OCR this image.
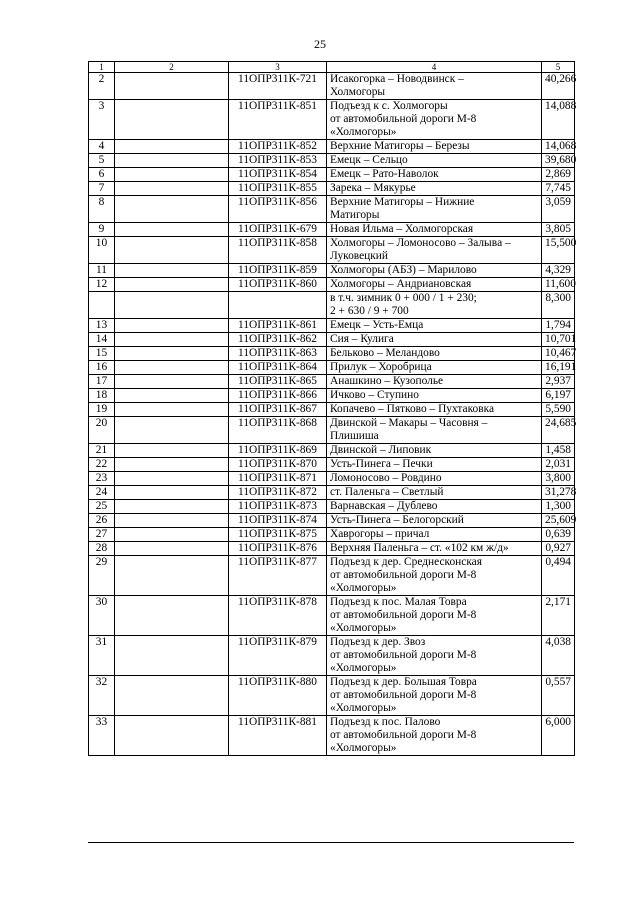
25
1	2	3	4	5
2		11ОПР311К-721	Исакогорка – Новодвинск –
Холмогоры	40,266
3		11ОПР311К-851	Подъезд к с. Холмогоры
от автомобильной дороги М-8
«Холмогоры»	14,088
4		11ОПР311К-852	Верхние Матигоры – Березы	14,068
5		11ОПР311К-853	Емецк – Сельцо	39,680
6		11ОПР311К-854	Емецк – Рато-Наволок	2,869
7		11ОПР311К-855	Зарека – Мякурье	7,745
8		11ОПР311К-856	Верхние Матигоры – Нижние
Матигоры	3,059
9		11ОПР311К-679	Новая Ильма – Холмогорская	3,805
10		11ОПР311К-858	Холмогоры – Ломоносово – Залывa –
Луковецкий	15,500
11		11ОПР311К-859	Холмогоры (АБЗ) – Марилово	4,329
12		11ОПР311К-860	Холмогоры – Андриановская	11,600
			в т.ч. зимник 0 + 000 / 1 + 230;
2 + 630 / 9 + 700	8,300
13		11ОПР311К-861	Емецк – Усть-Емца	1,794
14		11ОПР311К-862	Сия – Кулига	10,701
15		11ОПР311К-863	Бельково – Меландово	10,467
16		11ОПР311К-864	Прилук – Хоробрица	16,191
17		11ОПР311К-865	Анашкино – Кузополье	2,937
18		11ОПР311К-866	Ичково – Ступино	6,197
19		11ОПР311К-867	Копачево – Пятково – Пухтаковка	5,590
20		11ОПР311К-868	Двинской – Макары – Часовня –
Плишиша	24,685
21		11ОПР311К-869	Двинской – Липовик	1,458
22		11ОПР311К-870	Усть-Пинега – Печки	2,031
23		11ОПР311К-871	Ломоносово – Ровдино	3,800
24		11ОПР311К-872	ст. Паленьга – Светлый	31,278
25		11ОПР311К-873	Варнавская – Дублево	1,300
26		11ОПР311К-874	Усть-Пинега – Белогорский	25,609
27		11ОПР311К-875	Хаврогоры – причал	0,639
28		11ОПР311К-876	Верхняя Паленьга – ст. «102 км ж/д»	0,927
29		11ОПР311К-877	Подъезд к дер. Среднесконская
от автомобильной дороги М-8
«Холмогоры»	0,494
30		11ОПР311К-878	Подъезд к пос. Малая Товра
от автомобильной дороги М-8
«Холмогоры»	2,171
31		11ОПР311К-879	Подъезд к дер. Звоз
от автомобильной дороги М-8
«Холмогоры»	4,038
32		11ОПР311К-880	Подъезд к дер. Большая Товра
от автомобильной дороги М-8
«Холмогоры»	0,557
33		11ОПР311К-881	Подъезд к пос. Палово
от автомобильной дороги М-8
«Холмогоры»	6,000
